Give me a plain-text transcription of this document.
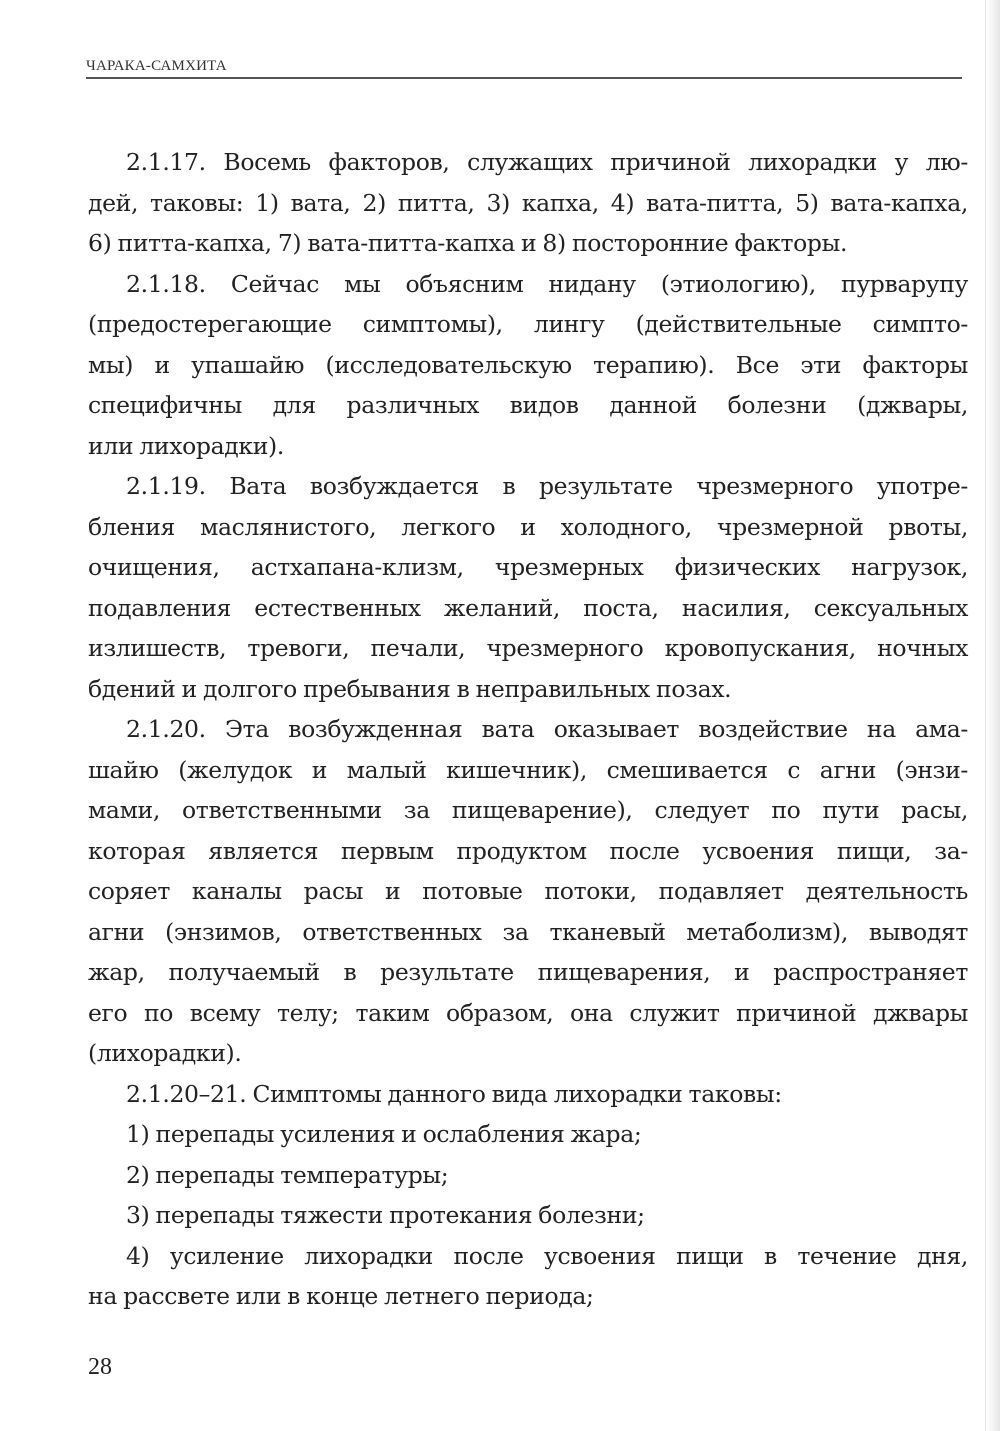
ЧАРАКА-САМХИТА
2.1.17. Восемь факторов, служащих причиной лихорадки у лю-
дей, таковы: 1) вата, 2) питта, 3) капха, 4) вата-питта, 5) вата-капха,
6) питта-капха, 7) вата-питта-капха и 8) посторонние факторы.
2.1.18. Сейчас мы объясним нидану (этиологию), пурварупу
(предостерегающие симптомы), лингу (действительные симпто-
мы) и упашайю (исследовательскую терапию). Все эти факторы
специфичны для различных видов данной болезни (джвары,
или лихорадки).
2.1.19. Вата возбуждается в результате чрезмерного употре-
бления маслянистого, легкого и холодного, чрезмерной рвоты,
очищения, астхапана-клизм, чрезмерных физических нагрузок,
подавления естественных желаний, поста, насилия, сексуальных
излишеств, тревоги, печали, чрезмерного кровопускания, ночных
бдений и долгого пребывания в неправильных позах.
2.1.20. Эта возбужденная вата оказывает воздействие на ама-
шайю (желудок и малый кишечник), смешивается с агни (энзи-
мами, ответственными за пищеварение), следует по пути расы,
которая является первым продуктом после усвоения пищи, за-
соряет каналы расы и потовые потоки, подавляет деятельность
агни (энзимов, ответственных за тканевый метаболизм), выводят
жар, получаемый в результате пищеварения, и распространяет
его по всему телу; таким образом, она служит причиной джвары
(лихорадки).
2.1.20–21. Симптомы данного вида лихорадки таковы:
1) перепады усиления и ослабления жара;
2) перепады температуры;
3) перепады тяжести протекания болезни;
4) усиление лихорадки после усвоения пищи в течение дня,
на рассвете или в конце летнего периода;
28
